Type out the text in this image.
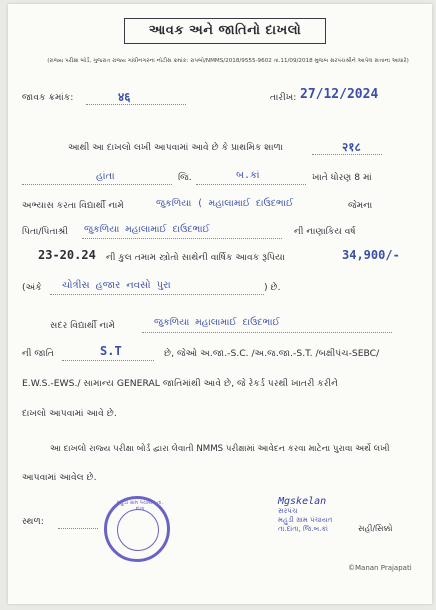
આવક અને જાતિનો દાખલો
(રાજ્ય પરીક્ષા બોર્ડ, ગુજરાત રાજ્ય ગાંધીનગરના નોટીસ ક્રમાંક: રાપબો/NMMS/2018/9555-9602 તા.11/09/2018 મુજબ સરપંચશ્રીને આપેલ સત્તાના આધારે)
જાવક ક્રમાંક:	४६	તારીખ: 27/12/2024
આથી આ દાખલો લખી આપવામાં આવે છે કે પ્રાથમિક શાળા	२१८
હાંતા	જિ.	બ.કાં	ખાતે ધોરણ 8 માં
અભ્યાસ કરતા વિદ્યાર્થી નામે	જુકળિયા ( મહાલામાઈ દાઉદભાઈ	જેમના
પિતા/પિતાશ્રી જુકળિયા મહાલામાઈ દાઉદભાઈ	ની નાણાકિય વર્ષ
23-20.24 ની કુલ તમામ સ્ત્રોતો સાથેની વાર્ષિક આવક રૂપિયા	34,900/-
(અંકે ચોત્રીસ હજાર નવસો પુરા	) છે.
સદર વિદ્યાર્થી નામે	જુકળિયા મહાલામાઈ દાઉદભાઈ
ની જાતિ	S.T	છે, જેઓ અ.જા.-S.C. /અ.જ.જા.-S.T. /બક્ષીપંચ-SEBC/
E.W.S.-EWS./ સામાન્ય GENERAL જાતિમાંથી આવે છે, જે રેકર્ડ પરથી ખાતરી કરીને
દાખલો આપવામાં આવે છે.
આ દાખલો રાજ્ય પરીક્ષા બોર્ડ દ્વારા લેવાતી NMMS પરીક્ષામાં આવેદન કરવા માટેના પુરાવા અર્થે લખી
આપવામાં આવેલ છે.
સ્થળ:
મહુડી ગ્રામ પંચાયત તા. દાંતા
Mgskelan
સરપંચ
મહુડી ગ્રામ પંચાયત
તા.દાંતા, જિ.બ.કાં	સહી/સિક્કો
©Manan Prajapati
